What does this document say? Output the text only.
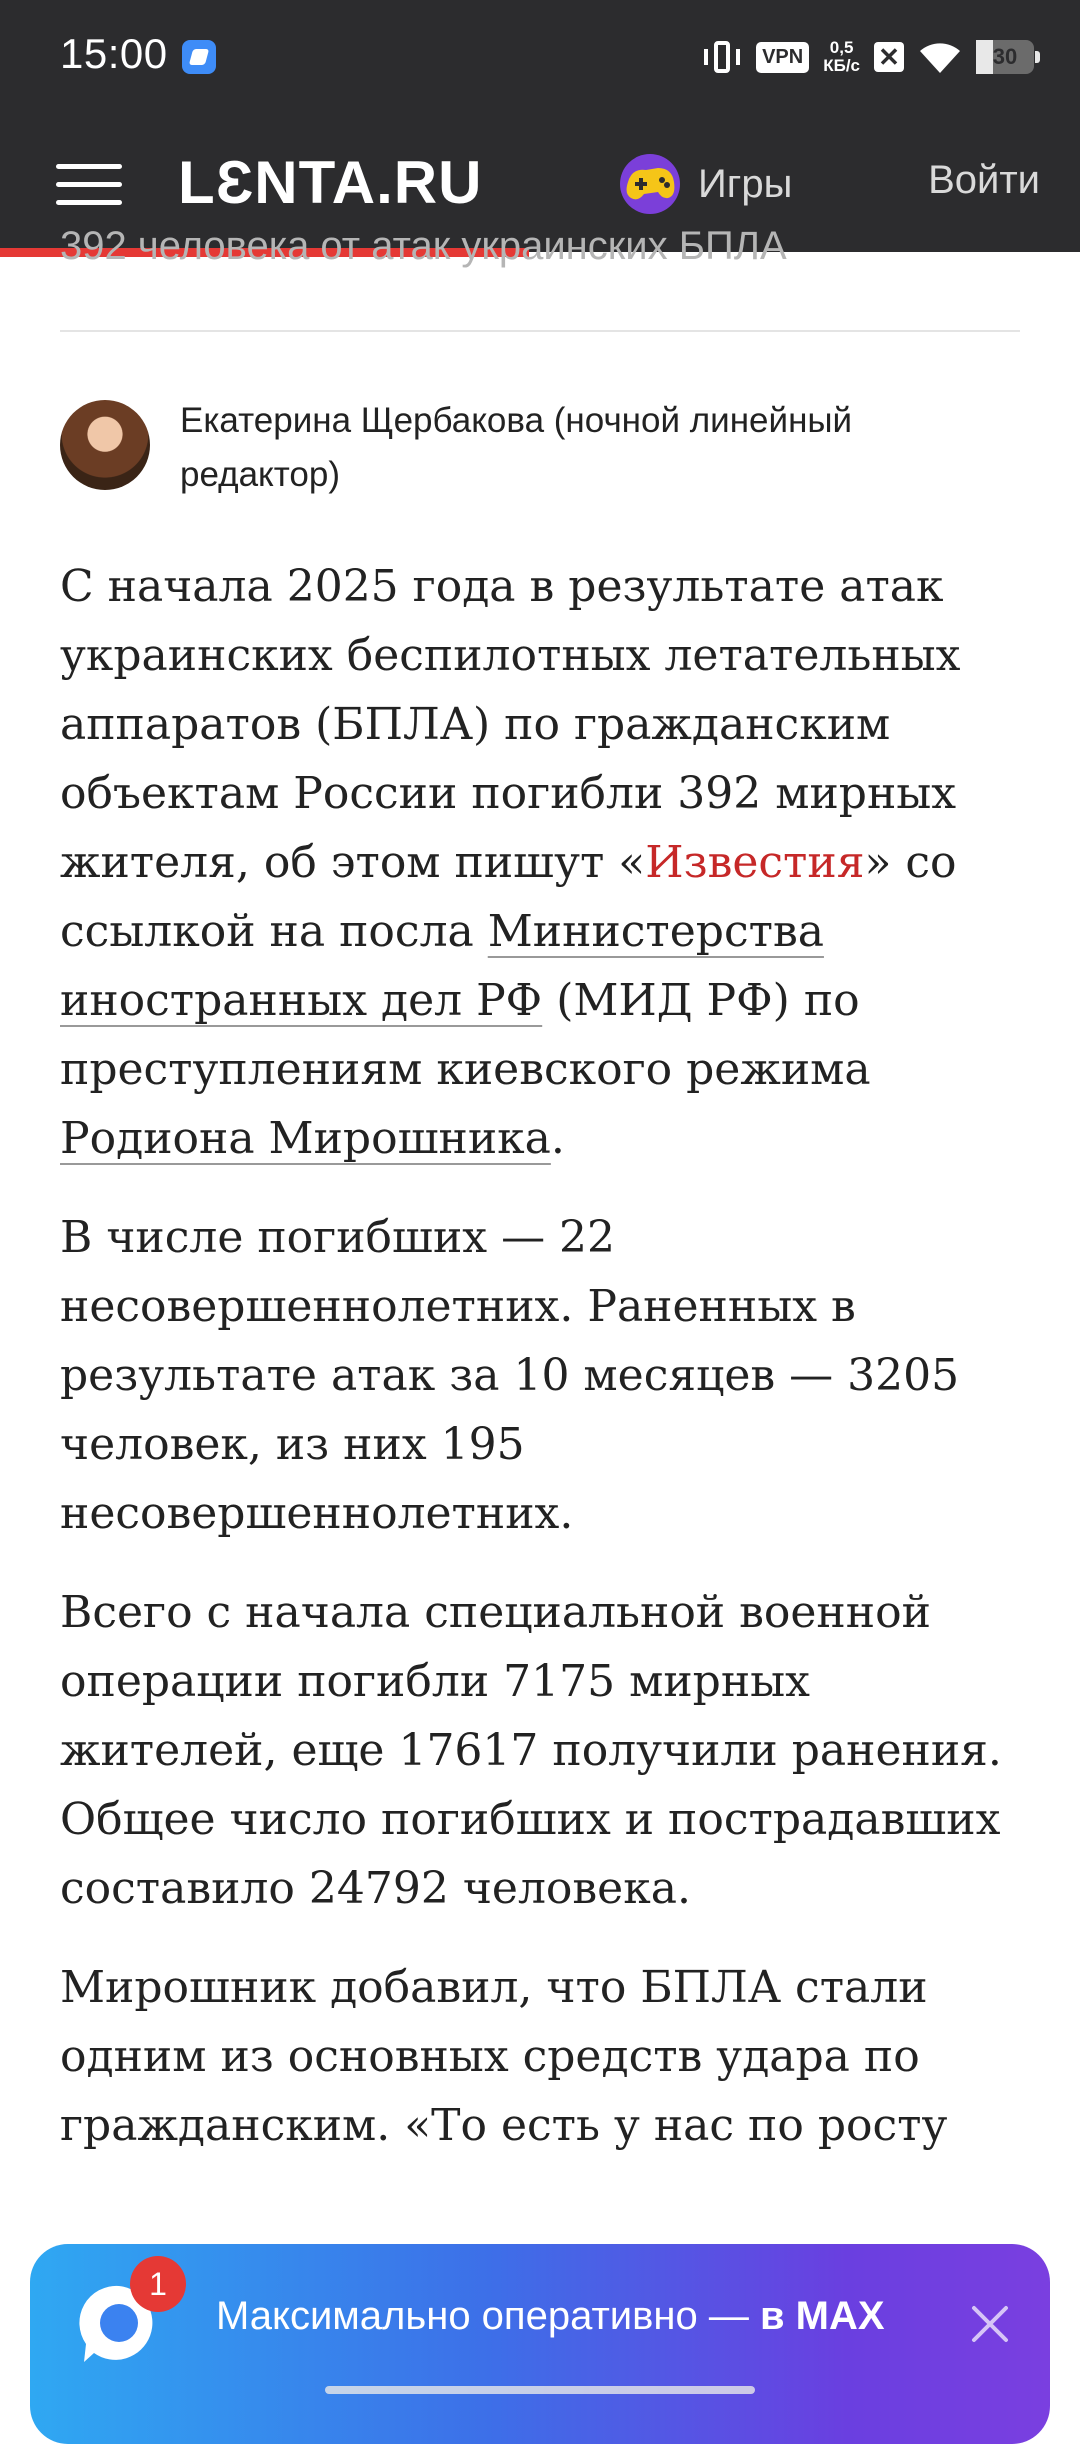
15:00	VPN	0,5
КБ/с ✕	30
LƐNTA.RU	Игры	Войти
392 человека от атак украинских БПЛА
Екатерина Щербакова (ночной линейный редактор)

С начала 2025 года в результате атак украинских беспилотных летательных аппаратов (БПЛА) по гражданским объектам России погибли 392 мирных жителя, об этом пишут «Известия» со ссылкой на посла Министерства иностранных дел РФ (МИД РФ) по преступлениям киевского режима Родиона Мирошника.

В числе погибших — 22 несовершеннолетних. Раненных в результате атак за 10 месяцев — 3205 человек, из них 195 несовершеннолетних.

Всего с начала специальной военной операции погибли 7175 мирных жителей, еще 17617 получили ранения. Общее число погибших и пострадавших составило 24792 человека.

Мирошник добавил, что БПЛА стали одним из основных средств удара по гражданским. «То есть у нас по росту

1
Максимально оперативно — в MAX
